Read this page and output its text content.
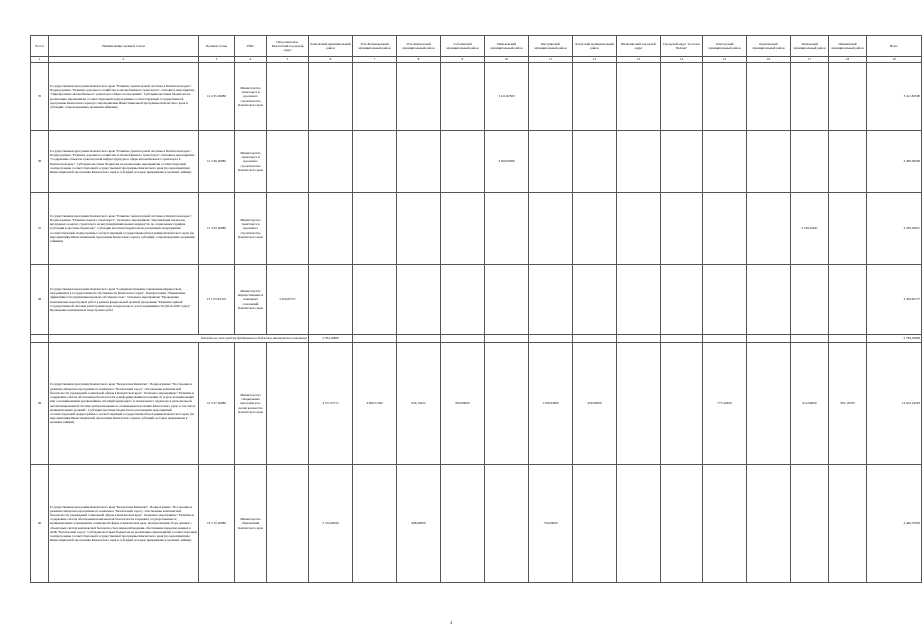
№ п/п	Наименование целевой статьи	Целевая статья	ГРБС	Петропавловск-Камчатский городской округ	Елизовский муниципальный район	Усть-Большерецкий муниципальный район	Усть-Камчатский муниципальный район	Соболевский муниципальный район	Мильковский муниципальный район	Быстринский муниципальный район	Алеутский муниципальный район	Вилючинский городской округ	Городской округ "поселок Палана"	Олюторский муниципальный район	Карагинский муниципальный район	Тигильский муниципальный район	Пенжинский муниципальный район	Всего
1	2	3	4	5	6	7	8	9	10	11	12	13	14	15	16	17	18	19
35	Государственная программа Камчатского края "Развитие транспортной системы в Камчатском крае". Подпрограмма "Развитие дорожного хозяйства и автомобильного транспорта". Основное мероприятие "Приобретение автомобильного транспорта общего пользования". Субсидии местным бюджетам на реализацию мероприятия соответствующей подпрограммы соответствующей государственной программы Камчатского края (по мероприятиям Инвестиционной программы Камчатского края и субсидий, сопровождаемых целевыми займами)	12 2 05 40080	Министерство транспорта и дорожного строительства Камчатского края						3 411,82500									3 411,82500
36	Государственная программа Камчатского края "Развитие транспортной системы в Камчатском крае". Подпрограмма "Развитие дорожного хозяйства и автомобильного транспорта". Основное мероприятие "Содержание объектов транспортной инфраструктуры в сфере автомобильного транспорта в Камчатском крае". Субсидии местным бюджетам на реализацию мероприятия соответствующей подпрограммы соответствующей государственной программы Камчатского края (по мероприятиям Инвестиционной программы Камчатского края и субсидий, которые приравнены к целевым займам)	12 2 06 40080	Министерство транспорта и дорожного строительства Камчатского края						3 400,00000									3 400,00000
37	Государственная программа Камчатского края "Развитие транспортной системы в Камчатском крае". Подпрограмма "Развитие водного транспорта". Основное мероприятие "Организация перевозок внутреннего водного транспорта на внутримуниципальных маршрутах по социальным тарифам (субсидии в местные бюджеты)". Субсидии местным бюджетам на реализацию мероприятия соответствующей подпрограммы соответствующей государственной программы Камчатского края (по мероприятиям Инвестиционной программы Камчатского края и субсидий, сопровождаемых целевыми займами)	12 3 02 40080	Министерство транспорта и дорожного строительства Камчатского края													3 239,29047		3 239,29047
38	Государственная программа Камчатского края "Совершенствование управления имуществом, находящимся в государственной собственности Камчатского края". Подпрограмма "Повышение эффективности управления краевой собственностью". Основное мероприятие "Проведение комплексных кадастровых работ в рамках федеральной целевой программы "Развитие единой государственной системы регистрации прав и кадастрового учета недвижимости (2014-2020 годы)". Проведение комплексных кадастровых работ	13 1 03 R5110	Министерство имущественных и земельных отношений Камчатского края	3 459,65757														3 459,65757
	Расходы за счет средств федерального бюджета материнского капитала				2 784,18600													2 784,18600
39	Государственная программа Камчатского края "Безопасная Камчатка". Подпрограмма "Построение и развитие аппаратно-программного комплекса "Безопасный город", обеспечение комплексной безопасности учреждений социальной сферы в Камчатском крае". Основное мероприятие "Развитие и содержание систем обеспечения безопасности и информирования населения об угрозе возникновения или о возникновении чрезвычайных ситуаций природного и техногенного характера в региональной автоматизированной системе централизованного оповещения населения Камчатского края, в том числе муниципальных уровней". Субсидии местным бюджетам на реализацию мероприятий соответствующей подпрограммы соответствующей государственной программы Камчатского края (по мероприятиям Инвестиционной программы Камчатского края и субсидий, которые приравнены к целевым займам)	16 3 07 40080	Министерство специальных программ и по делам казачества Камчатского края		4 577,25771	4 960,51300	624,15622	600,00000		1 059,64000	450,00000			777,44300		612,94600	981,16700	14 052,24293
40	Государственная программа Камчатского края "Безопасная Камчатка". Подпрограмма "Построение и развитие аппаратно-программного комплекса "Безопасный город", обеспечение комплексной безопасности учреждений социальной сферы в Камчатском крае". Основное мероприятие "Развитие и содержание систем обеспечения комплексной безопасности в краевых государственных и муниципальных учреждениях социальной сферы в Камчатском крае. Централизация сбора данных с объектовых систем комплексной безопасности и видеонаблюдения, обеспечение передачи данных в АПК "Безопасный город". Субсидии местным бюджетам на реализацию мероприятий соответствующей подпрограммы соответствующей государственной программы Камчатского края (по мероприятиям Инвестиционной программы Камчатского края и субсидий, которые приравнены к целевым займам)	16 3 10 40080	Министерство образования Камчатского края		2 722,46020		968,09000			750,00000								4 440,55950
4
